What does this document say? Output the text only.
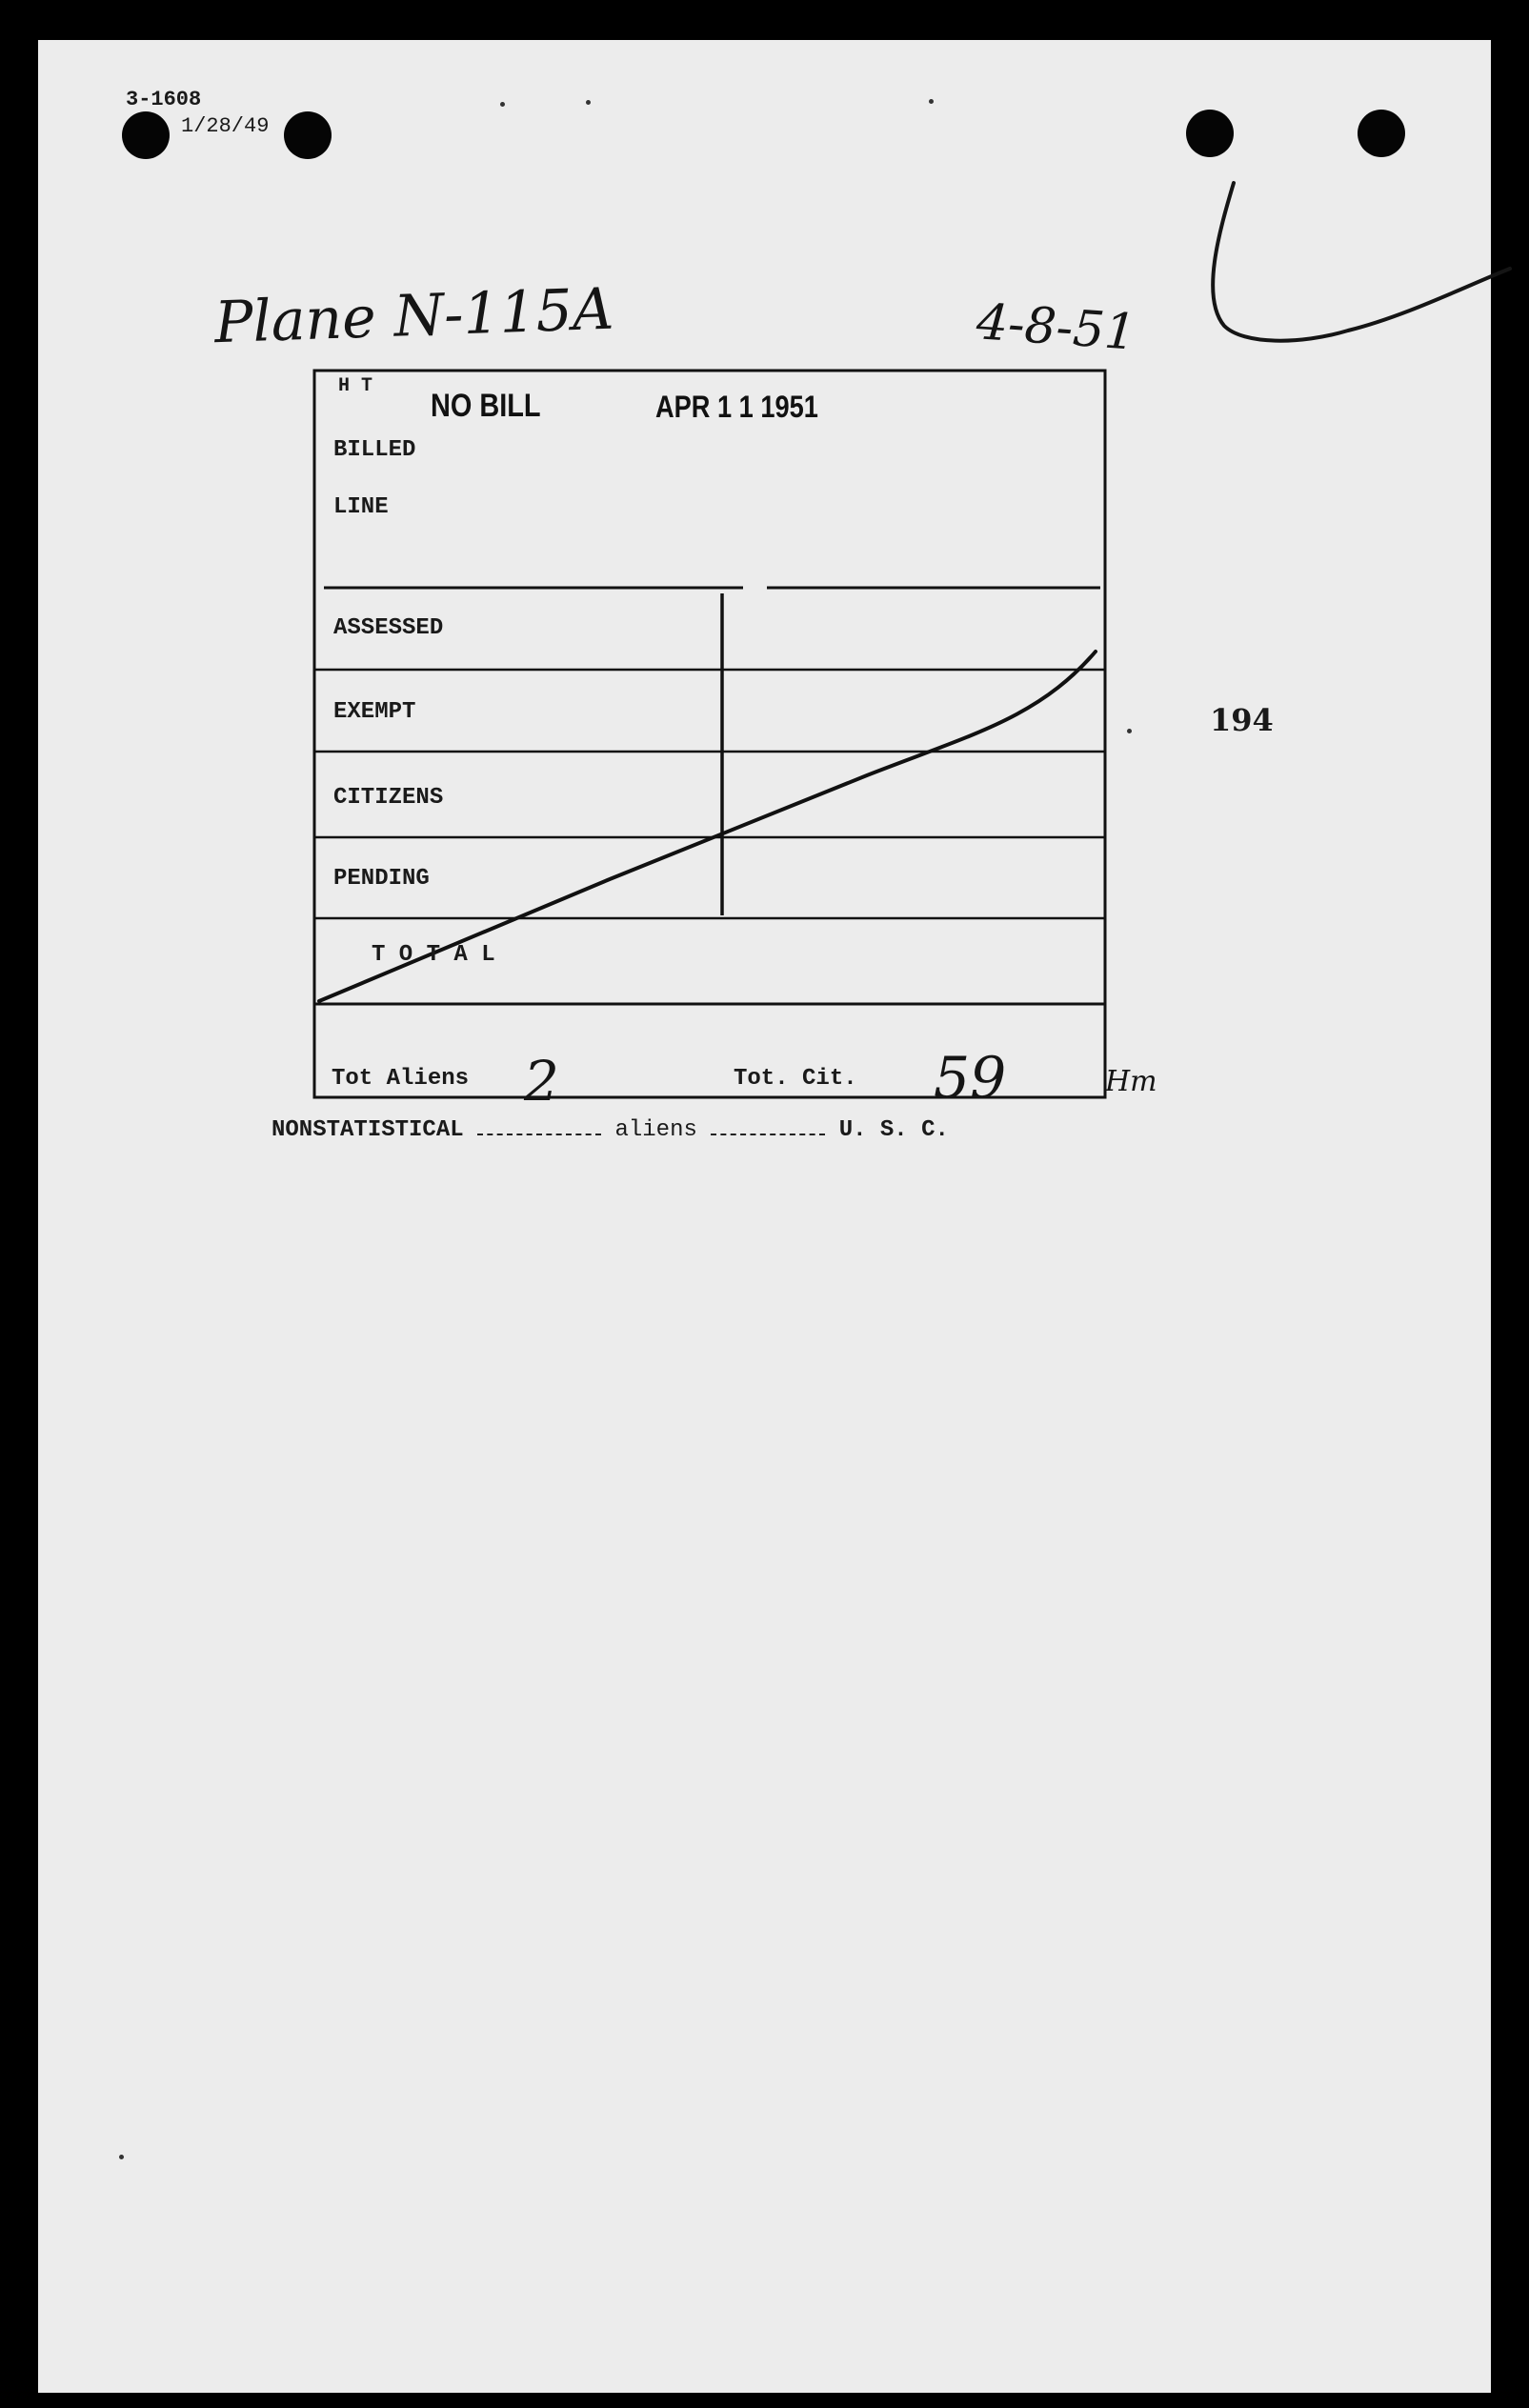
3-1608
1/28/49
Plane N-115A	4-8-51
194
H T
NO BILL	APR 1 1 1951
BILLED
LINE
ASSESSED
EXEMPT
CITIZENS
PENDING
T O T A L
Tot Aliens 2	Tot. Cit. 59	Hm
NONSTATISTICAL	aliens	U. S. C.
